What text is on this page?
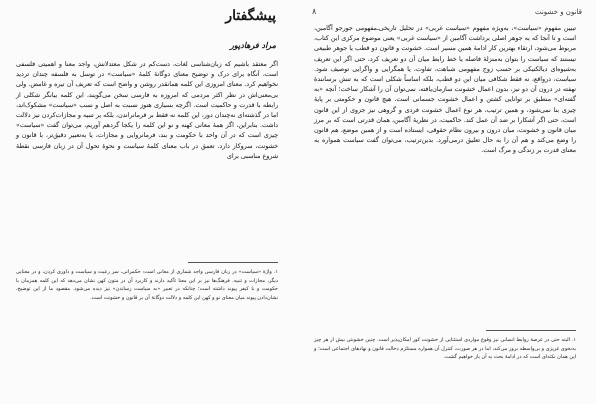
پیشگفتار
مراد فرهادپور
اگر معتقد باشیم که زبان‌شناسی لغات، دست‌کم در شکل معتدلانش، واجد معنا و اهمیتی فلسفی است، آنگاه برای درک و توضیح معنای دوگانهٔ کلمهٔ «سیاست» در توسل به فلسفه چندان تردید نخواهیم کرد. معنای امروزی این کلمه همانقدر روشن و واضح است که تعریف آن تیره و غامض. ولی بی‌معنی‌اش در نظر اکثر مردمی که امروزه به فارسی سخن می‌گویند، این کلمه بیانگر شکلی از رابطه با قدرت و حاکمیت است. اگرچه بسیاری هنوز نسبت به اصل و نسب «سیاست» مشکوک‌اند، اما در گذشته‌ای نه‌چندان دور، این کلمه نه فقط بر فرمانراندن، بلکه بر تنبیه و مجازات‌کردن نیز دلالت داشت. بنابراین، اگر همهٔ معانی کهنه و نو این کلمه را یکجا گردهم آوریم، می‌توان گفت «سیاست» چیزی است که در آن واحد با حکومت و بند، فرمانروایی و مجازات، یا به‌تعبیر دقیق‌تر، با قانون و خشونت، سروکار دارد. تعمق در باب معنای کلمهٔ سیاست و نحوهٔ تحول آن در زبان فارسی نقطهٔ شروع مناسبی برای
۱. واژهٔ «سیاست» در زبان فارسی واجد شماری از معانی است: حکمرانی، سر رعیت و سیاست و داوری کردن، و در معنایی دیگر، مجازات و تنبیه. فرهنگ‌ها نیز بر این معنا تأکید دارند و کاربرد آن در متون کهن نشان می‌دهد که این کلمه همزمان با حکومت و با کیفر پیوند داشته است؛ چنانکه در تعبیر «به سیاست رساندن» نیز دیده می‌شود. مقصود ما از این توضیح، نشان‌دادن پیوند میان معنای نو و کهن این کلمه و دلالت دوگانهٔ آن بر قانون و خشونت است.
قانون و خشونت
۸
تبیین مفهوم «سیاست»، به‌ویژه مفهوم «سیاست غربی» در تحلیل تاریخی‌ـ‌مفهومی جورجو آگامبن، است و تا آنجا که به جوهر اصلی برداشت آگامبن از «سیاست غربی» یعنی موضوع مرکزی این کتاب، مربوط می‌شود، ارتقاء بهترین کار ادامهٔ همین مسیر است. خشونت و قانون دو قطب یا جوهر طبیعی نیستند که سیاست را بتوان به‌منزلهٔ فاصله یا خط رابط میان آن دو تعریف کرد، حتی اگر این تعریف به‌شیوه‌ای دیالکتیکی بر حسب زوج مفهومی شباهت، تفاوت، یا همگرایی و واگرایی توصیف شود. سیاست، درواقع، نه فقط شکافی میان این دو قطب، بلکه اساساً شکلی است که به تنش برسانندهٔ نهفته در درون آن دو نیز، بدون اعمال خشونت سازمان‌یافته، نمی‌توان آن را آشکار ساخت؛ آنچه «به گفته‌ای» منطبق بر توانایی کشتن و اعمال خشونت جسمانی است. هیچ قانون و حکومتی بر پایهٔ چیزی بنا نمی‌شود، و همین ترتیب، هر نوع اعمال خشونت فردی و گروهی نیز جزوی از این قانون است، حتی اگر آشکارا بر ضد آن عمل کند. حاکمیت، در نظریهٔ آگامبن، همان قدرتی است که بر مرز میان قانون و خشونت، میان درون و بیرون نظام حقوقی، ایستاده است و از همین موضع، هم قانون را وضع می‌کند و هم آن را به حال تعلیق درمی‌آورد. بدین‌ترتیب، می‌توان گفت سیاست همواره به معنای قدرت بر زندگی و مرگ است.
۱. البته حتی در عرصهٔ روابط انسانی نیز وقوع مواردی استثنایی از خشونت کور امکان‌پذیر است. چنین خشونتی بیش از هر چیز به‌نحوی غریزی و بی‌واسطه بروز می‌کند، اما در هر صورت، کنترل آن همواره مستلزم دخالت قانون و نهادهای اجتماعی است؛ و این همان نکته‌ای است که در ادامهٔ بحث به آن باز خواهیم گشت.
